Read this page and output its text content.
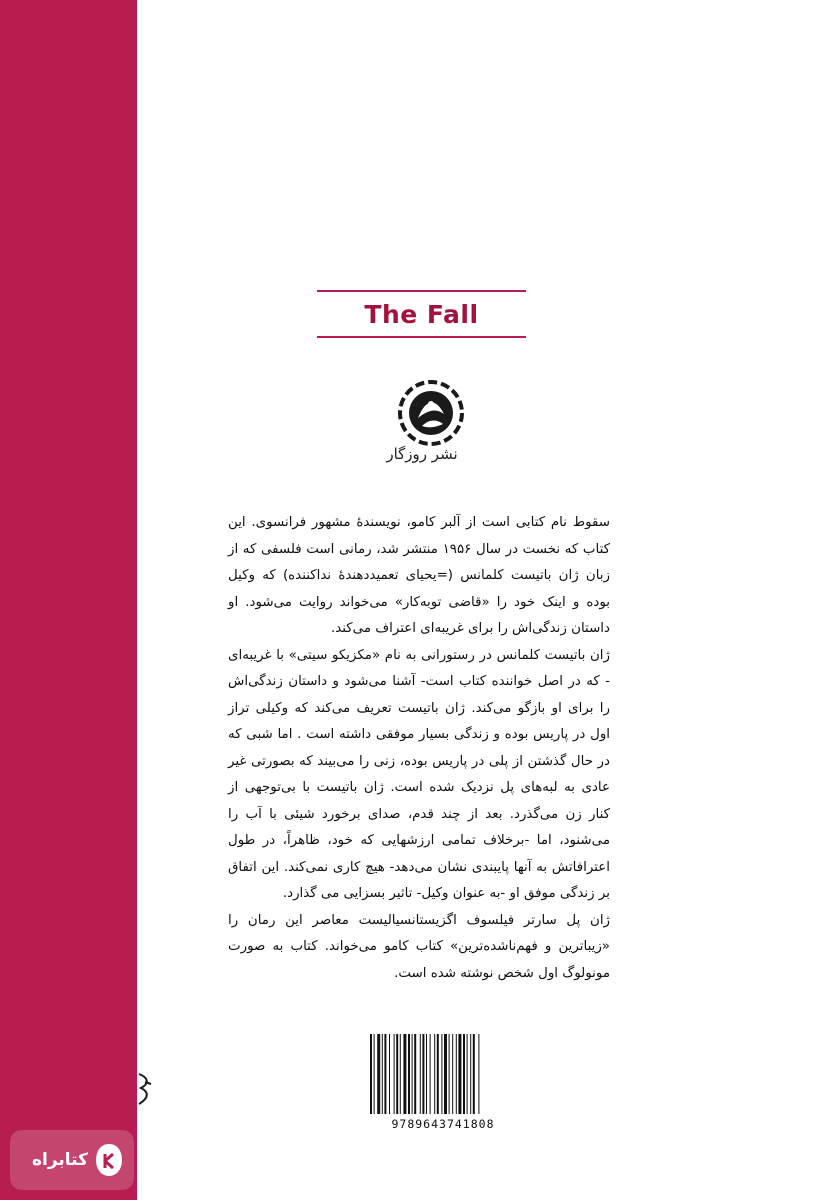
The Fall
نشر روزگار

سقوط نام کتابی است از آلبر کامو، نویسندهٔ مشهور فرانسوی. این کتاب که نخست در سال ۱۹۵۶ منتشر شد، رمانی است فلسفی که از زبان ژان باتیست کلمانس (=یحیای تعمیددهندهٔ نداکننده) که وکیل بوده و اینک خود را «قاضی توبه‌کار» می‌خواند روایت می‌شود. او داستان زندگی‌اش را برای غریبه‌ای اعتراف می‌کند.

ژان باتیست کلمانس در رستورانی به نام «مکزیکو سیتی» با غریبه‌ای - که در اصل خواننده کتاب است- آشنا می‌شود و داستان زندگی‌اش را برای او بازگو می‌کند. ژان باتیست تعریف می‌کند که وکیلی تراز اول در پاریس بوده و زندگی بسیار موفقی داشته است . اما شبی که در حال گذشتن از پلی در پاریس بوده، زنی را می‌بیند که بصورتی غیر عادی به لبه‌های پل نزدیک شده است. ژان باتیست با بی‌توجهی از کنار زن می‌گذرد. بعد از چند قدم، صدای برخورد شیئی با آب را می‌شنود، اما -برخلاف تمامی ارزشهایی که خود، ظاهراً، در طول اعترافاتش به آنها پایبندی نشان می‌دهد- هیچ کاری نمی‌کند. این اتفاق بر زندگی موفق او -به عنوان وکیل- تاثیر بسزایی می گذارد.

ژان پل سارتر فیلسوف اگزیستانسیالیست معاصر این رمان را «زیباترین و فهم‌ناشده‌ترین» کتاب کامو می‌خواند. کتاب به صورت مونولوگ اول شخص نوشته شده است.

9789643741808
کتابراه
